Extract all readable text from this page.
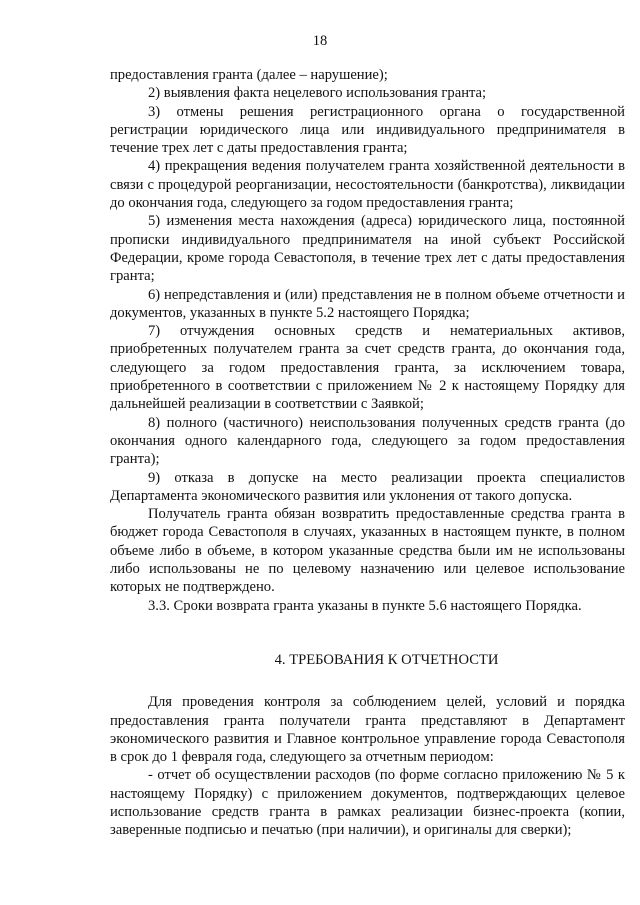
18

предоставления гранта (далее – нарушение);

2) выявления факта нецелевого использования гранта;

3) отмены решения регистрационного органа о государственной регистрации юридического лица или индивидуального предпринимателя в течение трех лет с даты предоставления гранта;

4) прекращения ведения получателем гранта хозяйственной деятельности в связи с процедурой реорганизации, несостоятельности (банкротства), ликвидации до окончания года, следующего за годом предоставления гранта;

5) изменения места нахождения (адреса) юридического лица, постоянной прописки индивидуального предпринимателя на иной субъект Российской Федерации, кроме города Севастополя, в течение трех лет с даты предоставления гранта;

6) непредставления и (или) представления не в полном объеме отчетности и документов, указанных в пункте 5.2 настоящего Порядка;

7) отчуждения основных средств и нематериальных активов, приобретенных получателем гранта за счет средств гранта, до окончания года, следующего за годом предоставления гранта, за исключением товара, приобретенного в соответствии с приложением № 2 к настоящему Порядку для дальнейшей реализации в соответствии с Заявкой;

8) полного (частичного) неиспользования полученных средств гранта (до окончания одного календарного года, следующего за годом предоставления гранта);

9) отказа в допуске на место реализации проекта специалистов Департамента экономического развития или уклонения от такого допуска.

Получатель гранта обязан возвратить предоставленные средства гранта в бюджет города Севастополя в случаях, указанных в настоящем пункте, в полном объеме либо в объеме, в котором указанные средства были им не использованы либо использованы не по целевому назначению или целевое использование которых не подтверждено.

3.3. Сроки возврата гранта указаны в пункте 5.6 настоящего Порядка.

4. ТРЕБОВАНИЯ К ОТЧЕТНОСТИ

Для проведения контроля за соблюдением целей, условий и порядка предоставления гранта получатели гранта представляют в Департамент экономического развития и Главное контрольное управление города Севастополя в срок до 1 февраля года, следующего за отчетным периодом:

- отчет об осуществлении расходов (по форме согласно приложению № 5 к настоящему Порядку) с приложением документов, подтверждающих целевое использование средств гранта в рамках реализации бизнес-проекта (копии, заверенные подписью и печатью (при наличии), и оригиналы для сверки);
